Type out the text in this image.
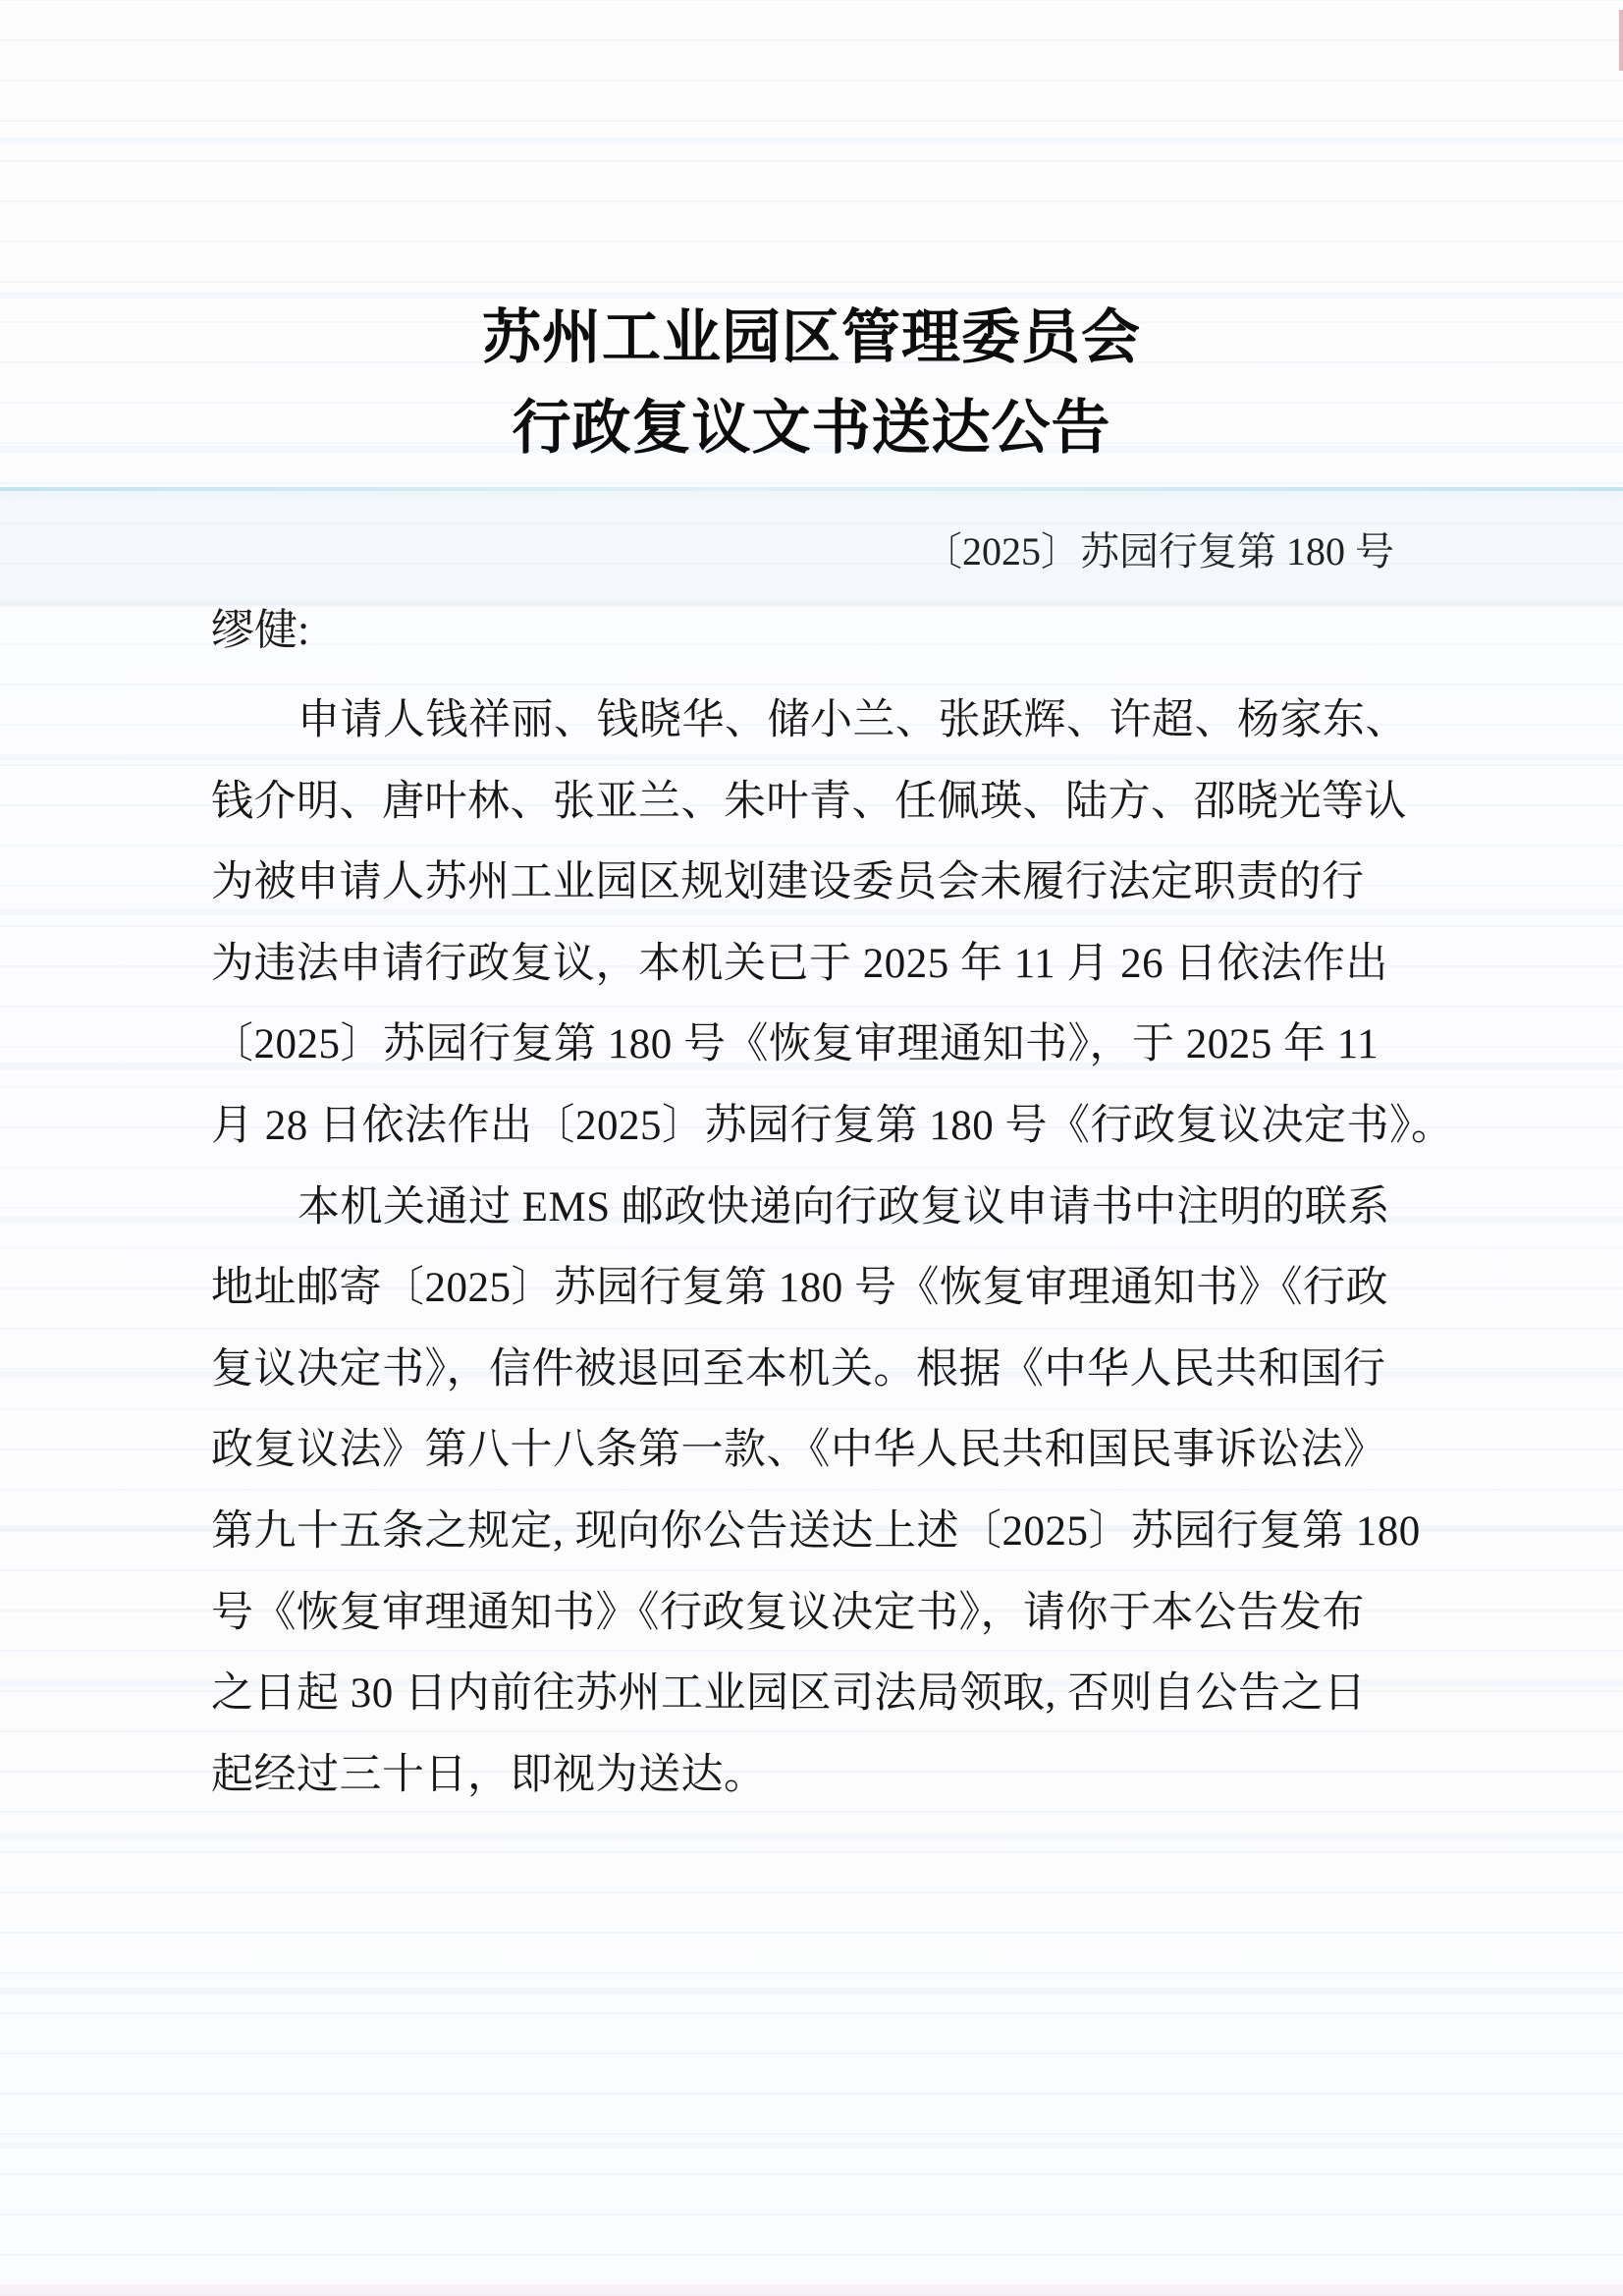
苏州工业园区管理委员会
行政复议文书送达公告
〔2025〕苏园行复第 180 号
缪健:
申请人钱祥丽、钱晓华、储小兰、张跃辉、许超、杨家东、
钱介明、唐叶林、张亚兰、朱叶青、任佩瑛、陆方、邵晓光等认
为被申请人苏州工业园区规划建设委员会未履行法定职责的行
为违法申请行政复议，本机关已于 2025 年 11 月 26 日依法作出
〔2025〕苏园行复第 180 号《恢复审理通知书》，于 2025 年 11
月 28 日依法作出〔2025〕苏园行复第 180 号《行政复议决定书》。
本机关通过 EMS 邮政快递向行政复议申请书中注明的联系
地址邮寄〔2025〕苏园行复第 180 号《恢复审理通知书》《行政
复议决定书》，信件被退回至本机关。根据《中华人民共和国行
政复议法》第八十八条第一款、《中华人民共和国民事诉讼法》
第九十五条之规定, 现向你公告送达上述〔2025〕苏园行复第 180
号《恢复审理通知书》《行政复议决定书》，请你于本公告发布
之日起 30 日内前往苏州工业园区司法局领取, 否则自公告之日
起经过三十日，即视为送达。
